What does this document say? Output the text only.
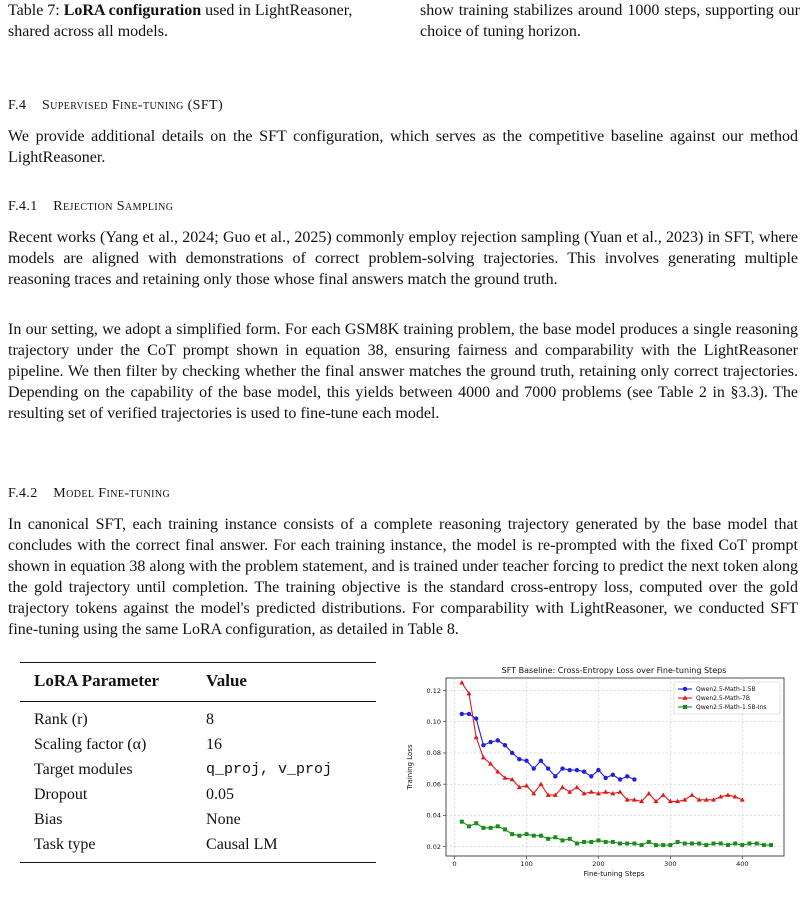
Table 7: LoRA configuration used in LightReasoner, shared across all models.
show training stabilizes around 1000 steps, supporting our choice of tuning horizon.
F.4 Supervised Fine-tuning (SFT)
We provide additional details on the SFT configuration, which serves as the competitive baseline against our method LightReasoner.
F.4.1 Rejection Sampling
Recent works (Yang et al., 2024; Guo et al., 2025) commonly employ rejection sampling (Yuan et al., 2023) in SFT, where models are aligned with demonstrations of correct problem-solving trajectories. This involves generating multiple reasoning traces and retaining only those whose final answers match the ground truth.
In our setting, we adopt a simplified form. For each GSM8K training problem, the base model produces a single reasoning trajectory under the CoT prompt shown in equation 38, ensuring fairness and comparability with the LightReasoner pipeline. We then filter by checking whether the final answer matches the ground truth, retaining only correct trajectories. Depending on the capability of the base model, this yields between 4000 and 7000 problems (see Table 2 in §3.3). The resulting set of verified trajectories is used to fine-tune each model.
F.4.2 Model Fine-tuning
In canonical SFT, each training instance consists of a complete reasoning trajectory generated by the base model that concludes with the correct final answer. For each training instance, the model is re-prompted with the fixed CoT prompt shown in equation 38 along with the problem statement, and is trained under teacher forcing to predict the next token along the gold trajectory until completion. The training objective is the standard cross-entropy loss, computed over the gold trajectory tokens against the model's predicted distributions. For comparability with LightReasoner, we conducted SFT fine-tuning using the same LoRA configuration, as detailed in Table 8.
LoRA Parameter	Value
Rank (r)	8
Scaling factor (α)	16
Target modules	q_proj, v_proj
Dropout	0.05
Bias	None
Task type	Causal LM
SFT Baseline: Cross-Entropy Loss over Fine-tuning Steps
0	100	200	300	400
0.02
0.04
0.06
0.08
0.10
0.12
Fine-tuning Steps
Training Loss
Qwen2.5-Math-1.5B
Qwen2.5-Math-7B
Qwen2.5-Math-1.5B-Ins
